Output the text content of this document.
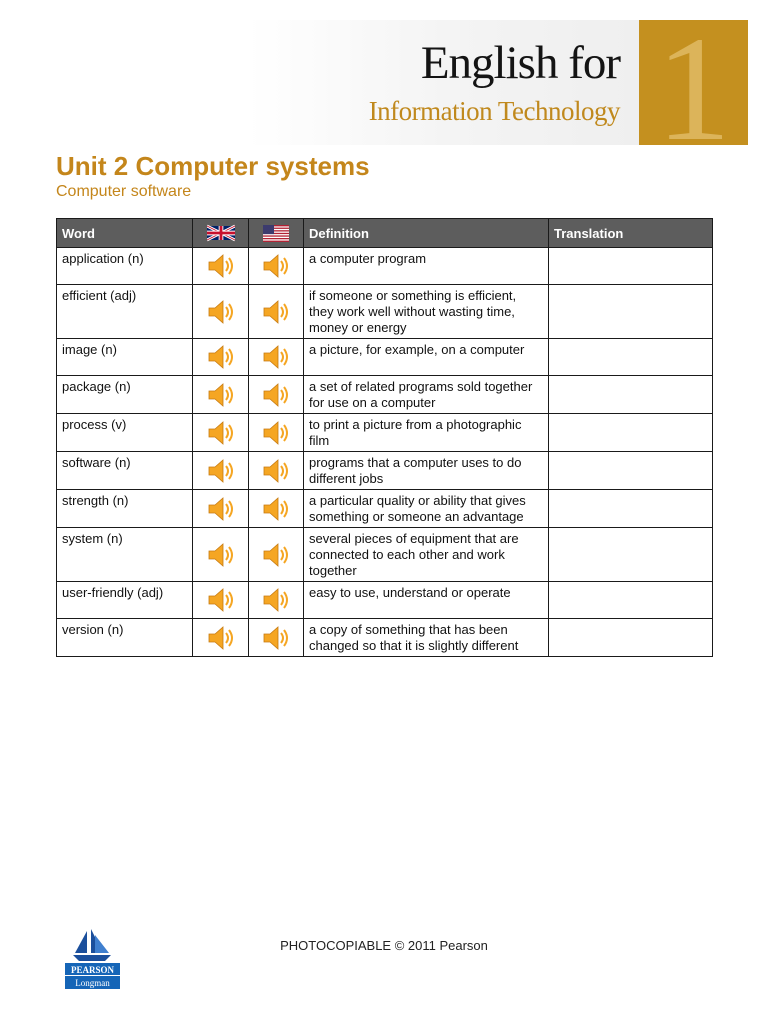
English for
Information Technology 1
Unit 2 Computer systems
Computer software
Word			Definition	Translation
application (n)			a computer program	
efficient (adj)			if someone or something is efficient, they work well without wasting time, money or energy	
image (n)			a picture, for example, on a computer	
package (n)			a set of related programs sold together for use on a computer	
process (v)			to print a picture from a photographic film	
software (n)			programs that a computer uses to do different jobs	
strength (n)			a particular quality or ability that gives something or someone an advantage	
system (n)			several pieces of equipment that are connected to each other and work together	
user-friendly (adj)			easy to use, understand or operate	
version (n)			a copy of something that has been changed so that it is slightly different	
PEARSON
Longman
PHOTOCOPIABLE © 2011 Pearson
